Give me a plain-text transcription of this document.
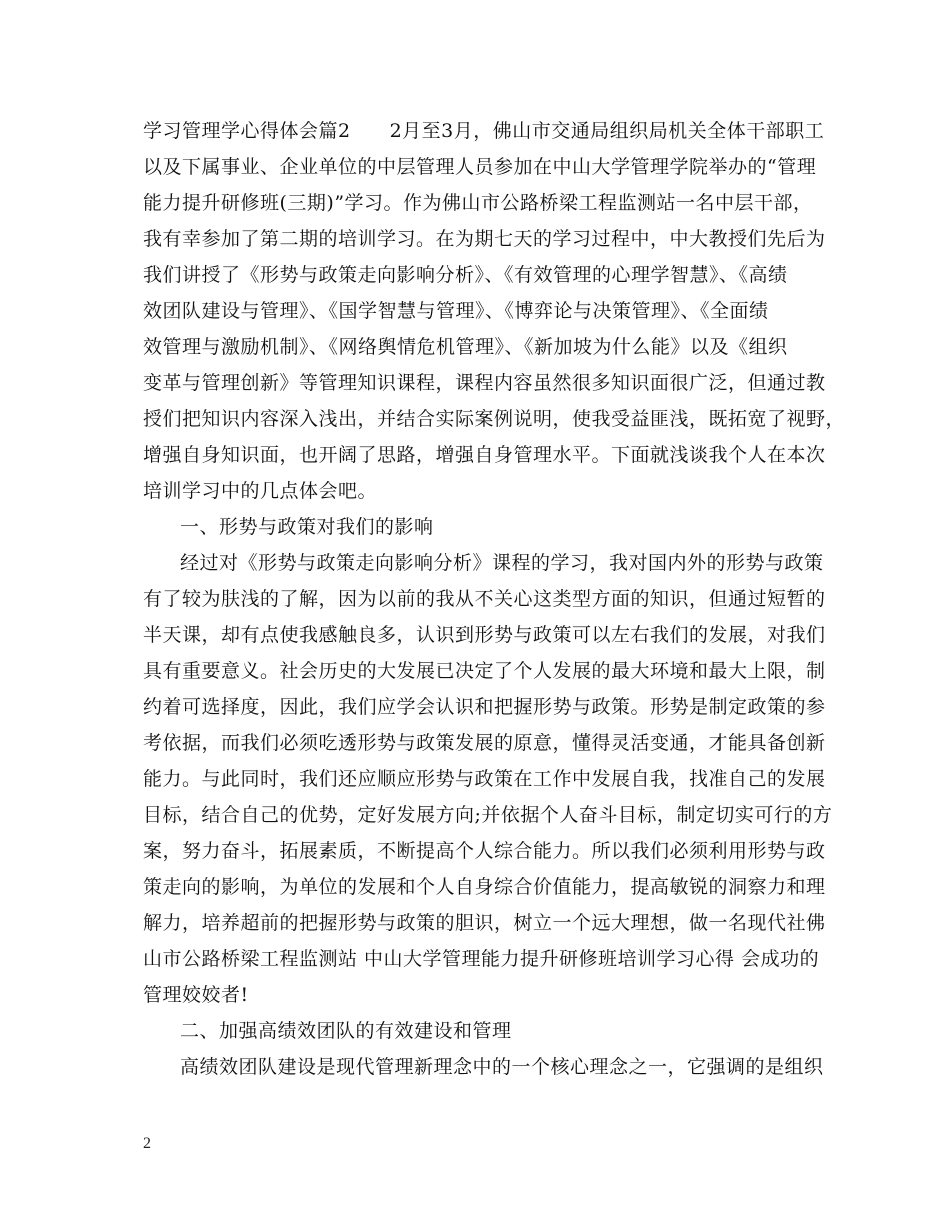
学习管理学心得体会篇2　　2月至3月，佛山市交通局组织局机关全体干部职工
以及下属事业、企业单位的中层管理人员参加在中山大学管理学院举办的“管理
能力提升研修班(三期)”学习。作为佛山市公路桥梁工程监测站一名中层干部，
我有幸参加了第二期的培训学习。在为期七天的学习过程中，中大教授们先后为
我们讲授了《形势与政策走向影响分析》、《有效管理的心理学智慧》、《高绩
效团队建设与管理》、《国学智慧与管理》、《博弈论与决策管理》、《全面绩
效管理与激励机制》、《网络舆情危机管理》、《新加坡为什么能》以及《组织
变革与管理创新》等管理知识课程，课程内容虽然很多知识面很广泛，但通过教
授们把知识内容深入浅出，并结合实际案例说明，使我受益匪浅，既拓宽了视野，
增强自身知识面，也开阔了思路，增强自身管理水平。下面就浅谈我个人在本次
培训学习中的几点体会吧。
一、形势与政策对我们的影响
经过对《形势与政策走向影响分析》课程的学习，我对国内外的形势与政策
有了较为肤浅的了解，因为以前的我从不关心这类型方面的知识，但通过短暂的
半天课，却有点使我感触良多，认识到形势与政策可以左右我们的发展，对我们
具有重要意义。社会历史的大发展已决定了个人发展的最大环境和最大上限，制
约着可选择度，因此，我们应学会认识和把握形势与政策。形势是制定政策的参
考依据，而我们必须吃透形势与政策发展的原意，懂得灵活变通，才能具备创新
能力。与此同时，我们还应顺应形势与政策在工作中发展自我，找准自己的发展
目标，结合自己的优势，定好发展方向;并依据个人奋斗目标，制定切实可行的方
案，努力奋斗，拓展素质，不断提高个人综合能力。所以我们必须利用形势与政
策走向的影响，为单位的发展和个人自身综合价值能力，提高敏锐的洞察力和理
解力，培养超前的把握形势与政策的胆识，树立一个远大理想，做一名现代社佛
山市公路桥梁工程监测站 中山大学管理能力提升研修班培训学习心得 会成功的
管理姣姣者!
二、加强高绩效团队的有效建设和管理
高绩效团队建设是现代管理新理念中的一个核心理念之一，它强调的是组织
2
